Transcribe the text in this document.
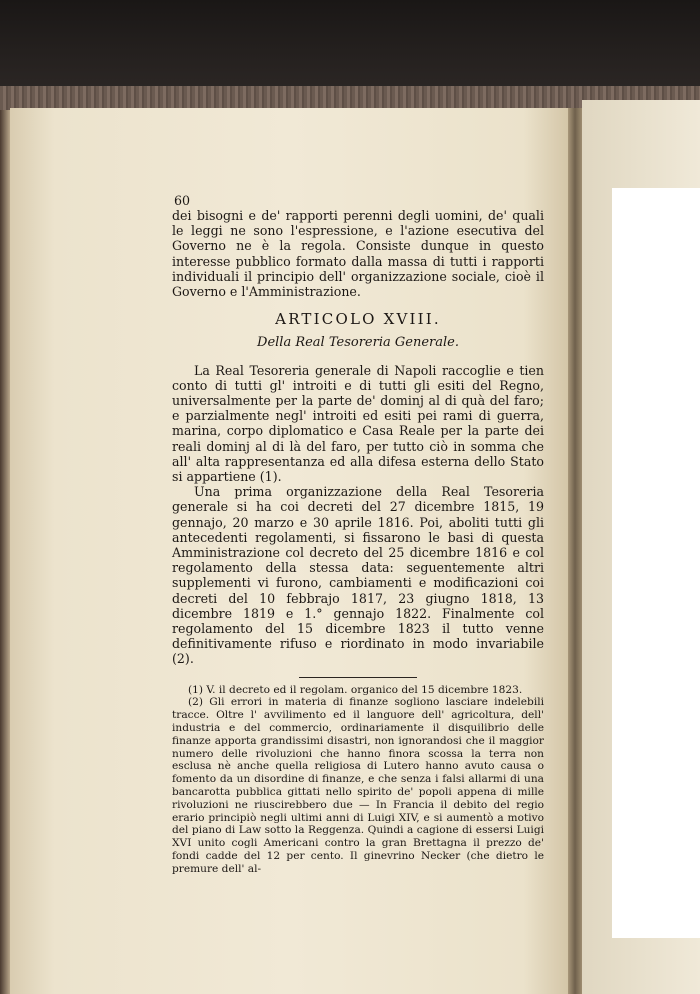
60

dei bisogni e de' rapporti perenni degli uomini, de' quali le leggi ne sono l'espressione, e l'azione esecutiva del Governo ne è la regola. Consiste dunque in questo interesse pubblico formato dalla massa di tutti i rapporti individuali il principio dell' organizzazione sociale, cioè il Governo e l'Amministrazione.

ARTICOLO XVIII.
Della Real Tesoreria Generale.

La Real Tesoreria generale di Napoli raccoglie e tien conto di tutti gl' introiti e di tutti gli esiti del Regno, universalmente per la parte de' dominj al di quà del faro; e parzialmente negl' introiti ed esiti pei rami di guerra, marina, corpo diplomatico e Casa Reale per la parte dei reali dominj al di là del faro, per tutto ciò in somma che all' alta rappresentanza ed alla difesa esterna dello Stato si appartiene (1).

Una prima organizzazione della Real Tesoreria generale si ha coi decreti del 27 dicembre 1815, 19 gennajo, 20 marzo e 30 aprile 1816. Poi, aboliti tutti gli antecedenti regolamenti, si fissarono le basi di questa Amministrazione col decreto del 25 dicembre 1816 e col regolamento della stessa data: seguentemente altri supplementi vi furono, cambiamenti e modificazioni coi decreti del 10 febbrajo 1817, 23 giugno 1818, 13 dicembre 1819 e 1.° gennajo 1822. Finalmente col regolamento del 15 dicembre 1823 il tutto venne definitivamente rifuso e riordinato in modo invariabile (2).

(1) V. il decreto ed il regolam. organico del 15 dicembre 1823.

(2) Gli errori in materia di finanze sogliono lasciare indelebili tracce. Oltre l' avvilimento ed il languore dell' agricoltura, dell' industria e del commercio, ordinariamente il disquilibrio delle finanze apporta grandissimi disastri, non ignorandosi che il maggior numero delle rivoluzioni che hanno finora scossa la terra non esclusa nè anche quella religiosa di Lutero hanno avuto causa o fomento da un disordine di finanze, e che senza i falsi allarmi di una bancarotta pubblica gittati nello spirito de' popoli appena di mille rivoluzioni ne riuscirebbero due — In Francia il debito del regio erario principiò negli ultimi anni di Luigi XIV, e si aumentò a motivo del piano di Law sotto la Reggenza. Quindi a cagione di essersi Luigi XVI unito cogli Americani contro la gran Brettagna il prezzo de' fondi cadde del 12 per cento. Il ginevrino Necker (che dietro le premure dell' al-
